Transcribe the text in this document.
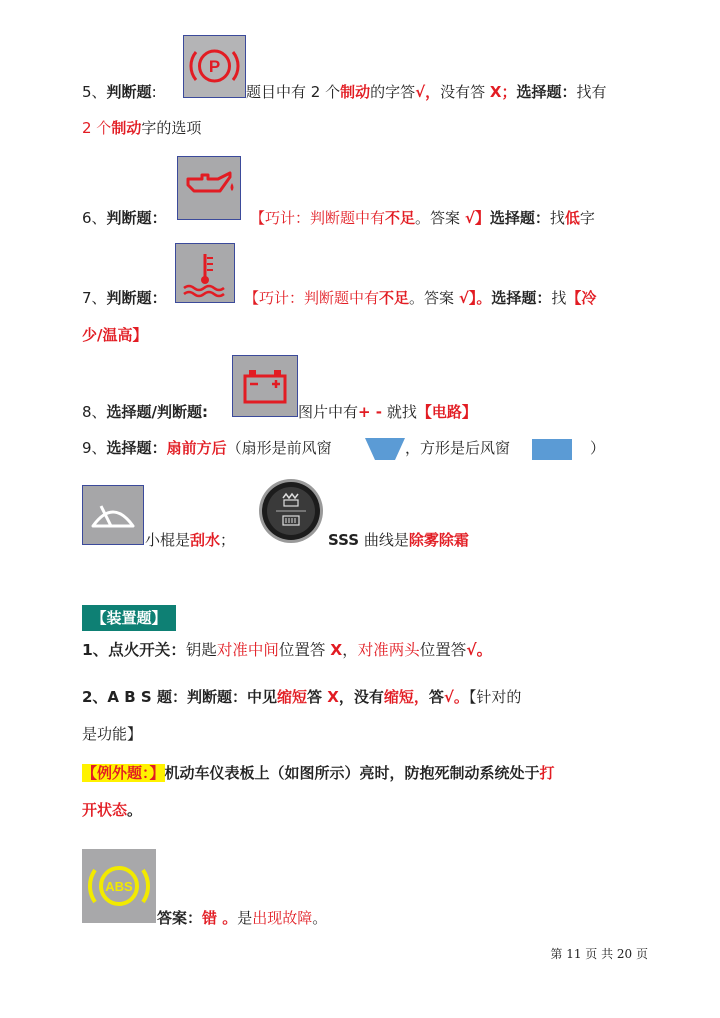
P
5、判断题:	题目中有 2 个制动的字答√，没有答 X；选择题：找有
2 个制动字的选项
6、判断题：	【巧计：判断题中有不足。答案 √】选择题：找低字
7、判断题：	【巧计：判断题中有不足。答案 √】。选择题：找【冷
少/温高】
8、选择题/判断题:	图片中有+ - 就找【电路】
9、选择题：扇前方后（扇形是前风窗	，方形是后风窗	）
小棍是刮水；	SSS 曲线是除雾除霜
【装置题】
1、点火开关：钥匙对准中间位置答 X，对准两头位置答√。
2、A B S 题：判断题：中见缩短答 X，没有缩短，答√。【针对的
是功能】
【例外题：】机动车仪表板上（如图所示）亮时，防抱死制动系统处于打
开状态。
ABS
答案：错 。是出现故障。
第 11 页 共 20 页
